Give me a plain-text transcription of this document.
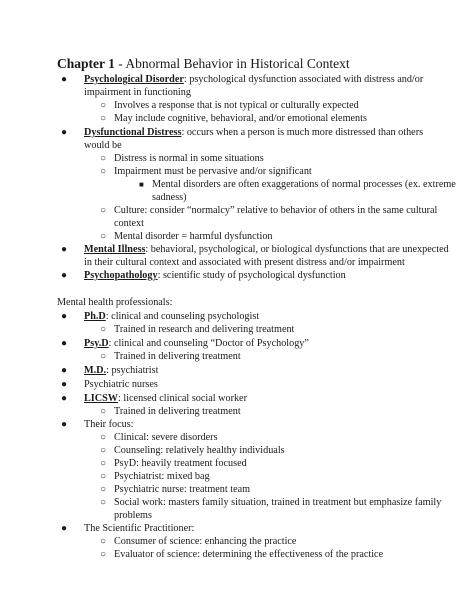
Chapter 1 - Abnormal Behavior in Historical Context
● Psychological Disorder: psychological dysfunction associated with distress and/or
impairment in functioning
○ Involves a response that is not typical or culturally expected
○ May include cognitive, behavioral, and/or emotional elements
● Dysfunctional Distress: occurs when a person is much more distressed than others
would be
○ Distress is normal in some situations
○ Impairment must be pervasive and/or significant
■ Mental disorders are often exaggerations of normal processes (ex. extreme
sadness)
○ Culture: consider “normalcy” relative to behavior of others in the same cultural
context
○ Mental disorder = harmful dysfunction
● Mental Illness: behavioral, psychological, or biological dysfunctions that are unexpected
in their cultural context and associated with present distress and/or impairment
● Psychopathology: scientific study of psychological dysfunction
Mental health professionals:
● Ph.D: clinical and counseling psychologist
○ Trained in research and delivering treatment
● Psy.D: clinical and counseling “Doctor of Psychology”
○ Trained in delivering treatment
● M.D.: psychiatrist
● Psychiatric nurses
● LICSW: licensed clinical social worker
○ Trained in delivering treatment
● Their focus:
○ Clinical: severe disorders
○ Counseling: relatively healthy individuals
○ PsyD: heavily treatment focused
○ Psychiatrist: mixed bag
○ Psychiatric nurse: treatment team
○ Social work: masters family situation, trained in treatment but emphasize family
problems
● The Scientific Practitioner:
○ Consumer of science: enhancing the practice
○ Evaluator of science: determining the effectiveness of the practice
